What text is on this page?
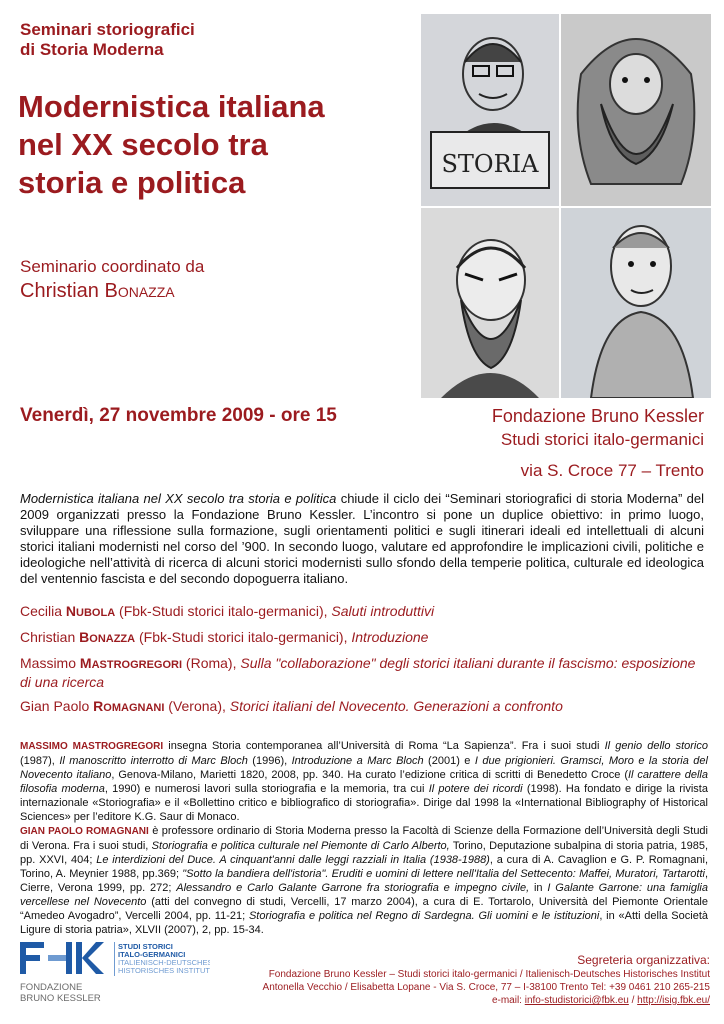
Seminari storiografici
di Storia Moderna
Modernistica italiana
nel XX secolo tra
storia e politica
Seminario coordinato da
Christian BONAZZA
STORIA
Venerdì, 27 novembre 2009 - ore 15	Fondazione Bruno Kessler
Studi storici italo-germanici
via S. Croce 77 – Trento
Modernistica italiana nel XX secolo tra storia e politica chiude il ciclo dei “Seminari storiografici di storia Moderna” del 2009 organizzati presso la Fondazione Bruno Kessler. L’incontro si pone un duplice obiettivo: in primo luogo, sviluppare una riflessione sulla formazione, sugli orientamenti politici e sugli itinerari ideali ed intellettuali di alcuni storici italiani modernisti nel corso del ’900. In secondo luogo, valutare ed approfondire le implicazioni civili, politiche e ideologiche nell’attività di ricerca di alcuni storici modernisti sullo sfondo della temperie politica, culturale ed ideologica del ventennio fascista e del secondo dopoguerra italiano.
Cecilia NUBOLA (Fbk-Studi storici italo-germanici), Saluti introduttivi
Christian BONAZZA (Fbk-Studi storici italo-germanici), Introduzione
Massimo MASTROGREGORI (Roma), Sulla "collaborazione" degli storici italiani durante il fascismo: esposizione di una ricerca
Gian Paolo ROMAGNANI (Verona), Storici italiani del Novecento. Generazioni a confronto
MASSIMO MASTROGREGORI insegna Storia contemporanea all’Università di Roma “La Sapienza”. Fra i suoi studi Il genio dello storico (1987), Il manoscritto interrotto di Marc Bloch (1996), Introduzione a Marc Bloch (2001) e I due prigionieri. Gramsci, Moro e la storia del Novecento italiano, Genova-Milano, Marietti 1820, 2008, pp. 340. Ha curato l’edizione critica di scritti di Benedetto Croce (Il carattere della filosofia moderna, 1990) e numerosi lavori sulla storiografia e la memoria, tra cui Il potere dei ricordi (1998). Ha fondato e dirige la rivista internazionale «Storiografia» e il «Bollettino critico e bibliografico di storiografia». Dirige dal 1998 la «International Bibliography of Historical Sciences» per l’editore K.G. Saur di Monaco.
GIAN PAOLO ROMAGNANI è professore ordinario di Storia Moderna presso la Facoltà di Scienze della Formazione dell’Università degli Studi di Verona. Fra i suoi studi, Storiografia e politica culturale nel Piemonte di Carlo Alberto, Torino, Deputazione subalpina di storia patria, 1985, pp. XXVI, 404; Le interdizioni del Duce. A cinquant'anni dalle leggi razziali in Italia (1938-1988), a cura di A. Cavaglion e G. P. Romagnani, Torino, A. Meynier 1988, pp.369; "Sotto la bandiera dell'istoria". Eruditi e uomini di lettere nell'Italia del Settecento: Maffei, Muratori, Tartarotti, Cierre, Verona 1999, pp. 272; Alessandro e Carlo Galante Garrone fra storiografia e impegno civile, in I Galante Garrone: una famiglia vercellese nel Novecento (atti del convegno di studi, Vercelli, 17 marzo 2004), a cura di E. Tortarolo, Università del Piemonte Orientale “Amedeo Avogadro”, Vercelli 2004, pp. 11-21; Storiografia e politica nel Regno di Sardegna. Gli uomini e le istituzioni, in «Atti della Società Ligure di storia patria», XLVII (2007), 2, pp. 15-34.
STUDI STORICI
ITALO-GERMANICI
ITALIENISCH-DEUTSCHES
HISTORISCHES INSTITUT
FONDAZIONE
BRUNO KESSLER
Segreteria organizzativa:
Fondazione Bruno Kessler – Studi storici italo-germanici / Italienisch-Deutsches Historisches Institut
Antonella Vecchio / Elisabetta Lopane - Via S. Croce, 77 – I-38100 Trento Tel: +39 0461 210 265-215
e-mail: info-studistorici@fbk.eu / http://isig.fbk.eu/
